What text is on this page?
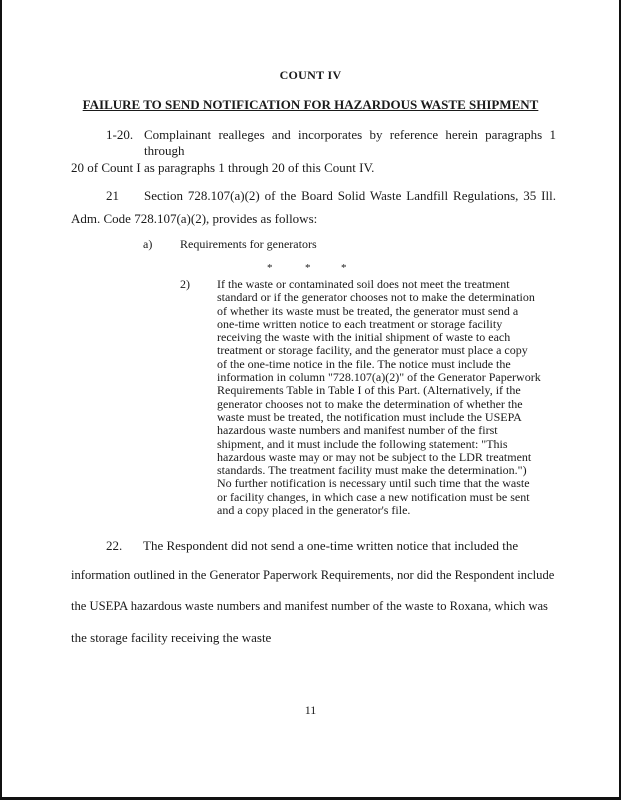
COUNT IV
FAILURE TO SEND NOTIFICATION FOR HAZARDOUS WASTE SHIPMENT
1-20. Complainant realleges and incorporates by reference herein paragraphs 1 through
20 of Count I as paragraphs 1 through 20 of this Count IV.
21 Section 728.107(a)(2) of the Board Solid Waste Landfill Regulations, 35 Ill.
Adm. Code 728.107(a)(2), provides as follows:
a) Requirements for generators
*	*	*
2) If the waste or contaminated soil does not meet the treatment
standard or if the generator chooses not to make the determination
of whether its waste must be treated, the generator must send a
one-time written notice to each treatment or storage facility
receiving the waste with the initial shipment of waste to each
treatment or storage facility, and the generator must place a copy
of the one-time notice in the file. The notice must include the
information in column "728.107(a)(2)" of the Generator Paperwork
Requirements Table in Table I of this Part. (Alternatively, if the
generator chooses not to make the determination of whether the
waste must be treated, the notification must include the USEPA
hazardous waste numbers and manifest number of the first
shipment, and it must include the following statement: "This
hazardous waste may or may not be subject to the LDR treatment
standards. The treatment facility must make the determination.")
No further notification is necessary until such time that the waste
or facility changes, in which case a new notification must be sent
and a copy placed in the generator's file.
22. The Respondent did not send a one-time written notice that included the
information outlined in the Generator Paperwork Requirements, nor did the Respondent include
the USEPA hazardous waste numbers and manifest number of the waste to Roxana, which was
the storage facility receiving the waste
11
